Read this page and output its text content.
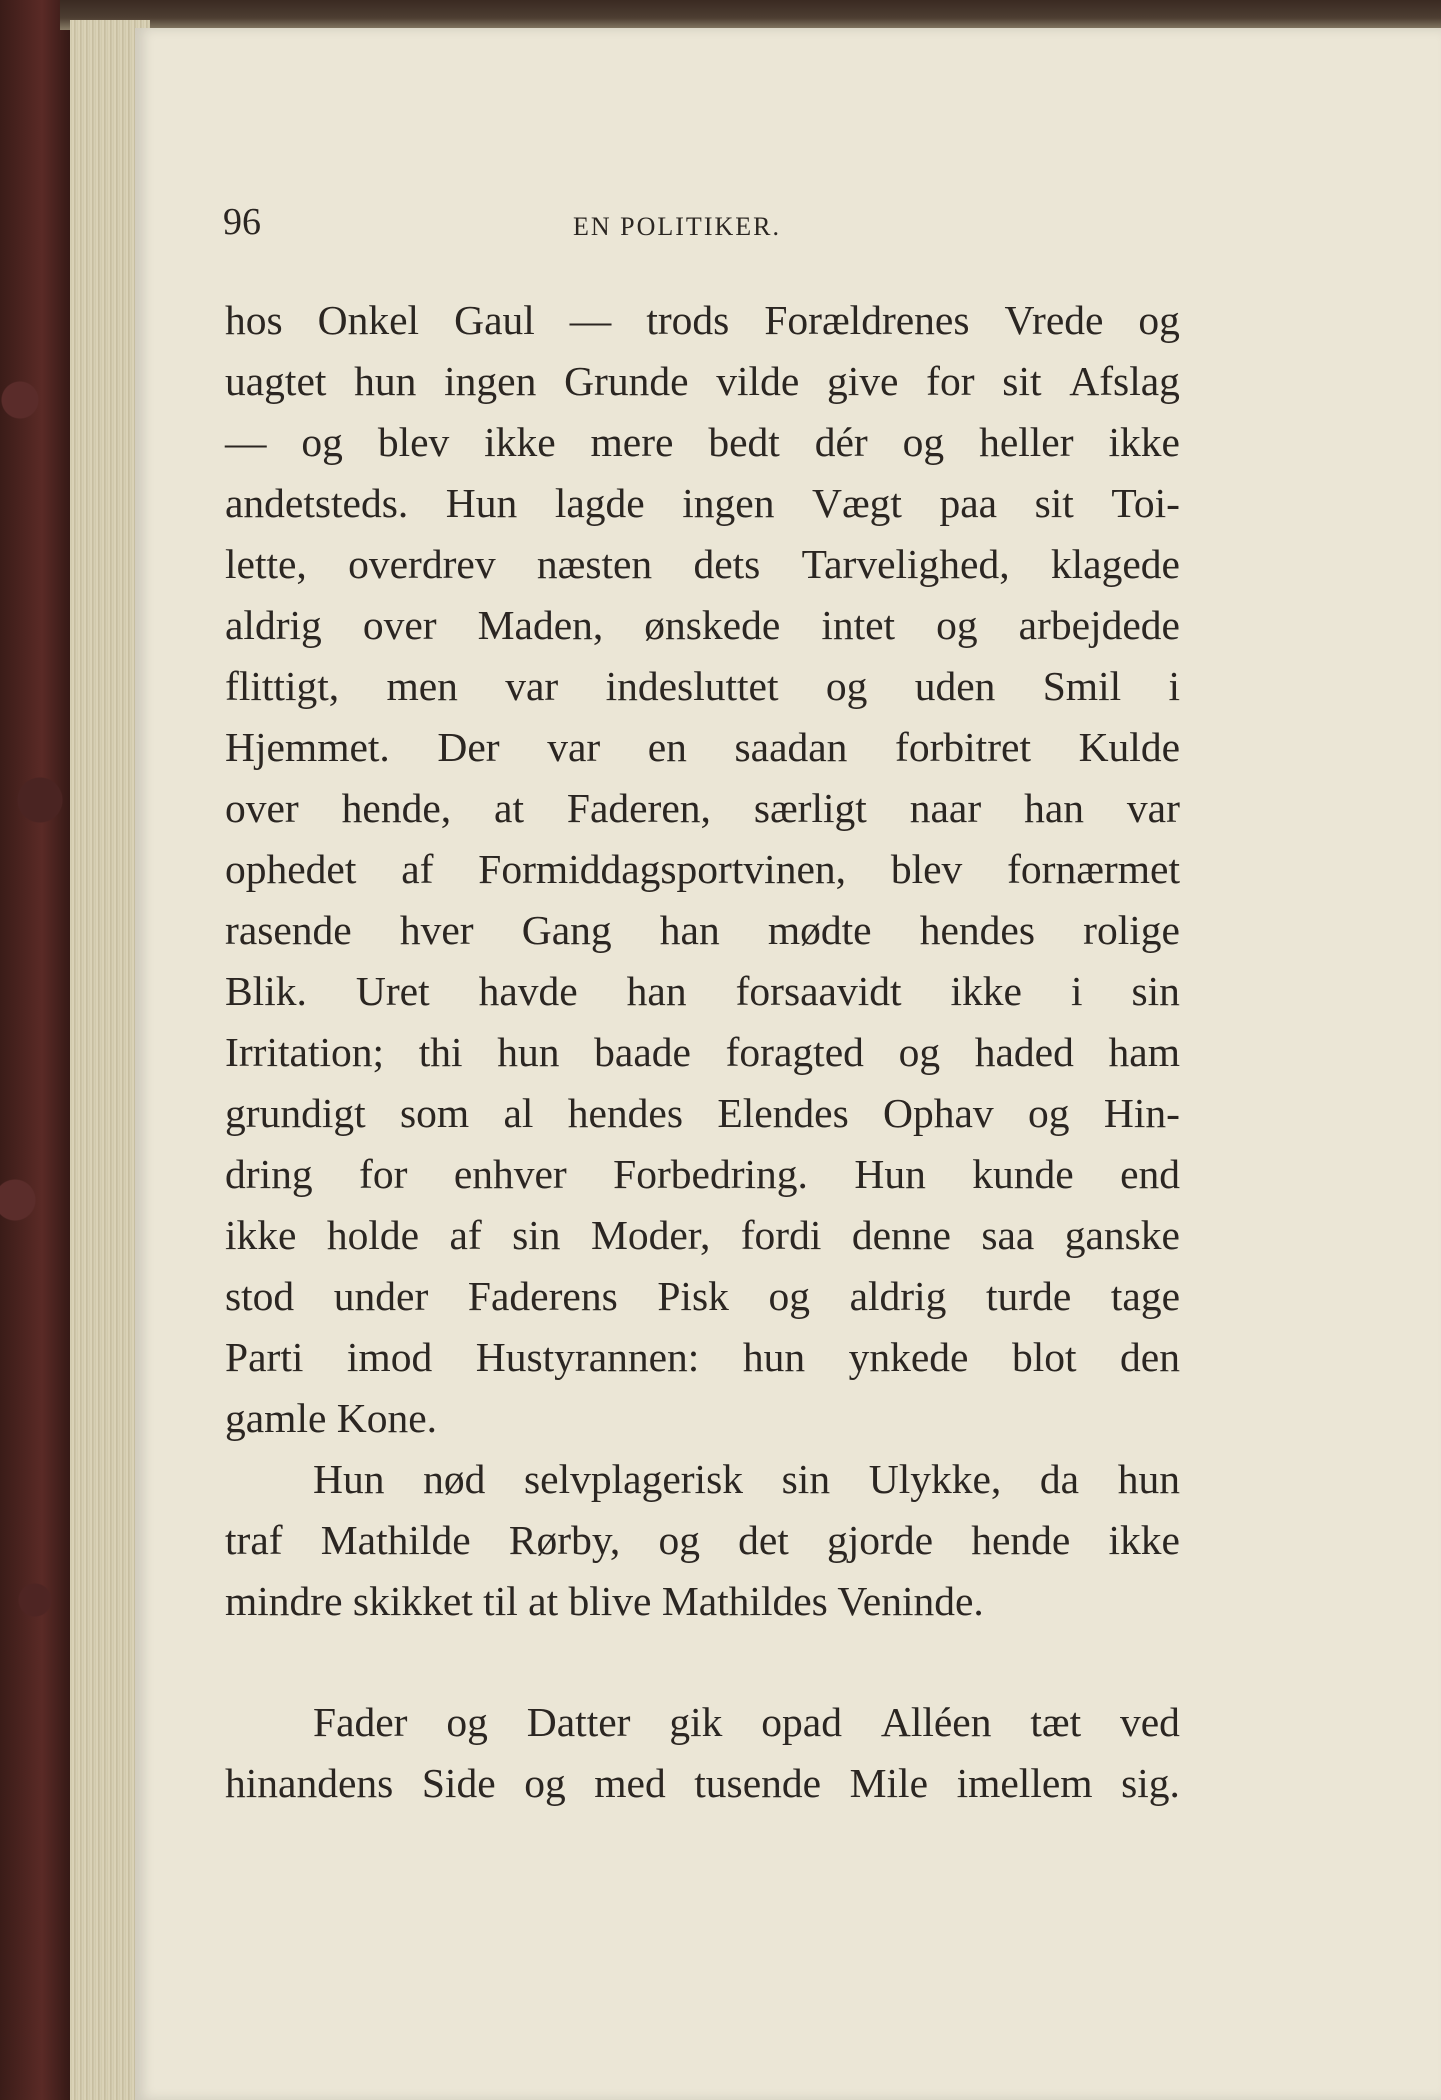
96	EN POLITIKER.
hos Onkel Gaul — trods Forældrenes Vrede og
uagtet hun ingen Grunde vilde give for sit Afslag
— og blev ikke mere bedt dér og heller ikke
andetsteds. Hun lagde ingen Vægt paa sit Toi-
lette, overdrev næsten dets Tarvelighed, klagede
aldrig over Maden, ønskede intet og arbejdede
flittigt, men var indesluttet og uden Smil i
Hjemmet. Der var en saadan forbitret Kulde
over hende, at Faderen, særligt naar han var
ophedet af Formiddagsportvinen, blev fornærmet
rasende hver Gang han mødte hendes rolige
Blik. Uret havde han forsaavidt ikke i sin
Irritation; thi hun baade foragted og haded ham
grundigt som al hendes Elendes Ophav og Hin-
dring for enhver Forbedring. Hun kunde end
ikke holde af sin Moder, fordi denne saa ganske
stod under Faderens Pisk og aldrig turde tage
Parti imod Hustyrannen: hun ynkede blot den
gamle Kone.
Hun nød selvplagerisk sin Ulykke, da hun
traf Mathilde Rørby, og det gjorde hende ikke
mindre skikket til at blive Mathildes Veninde.
Fader og Datter gik opad Alléen tæt ved
hinandens Side og med tusende Mile imellem sig.
